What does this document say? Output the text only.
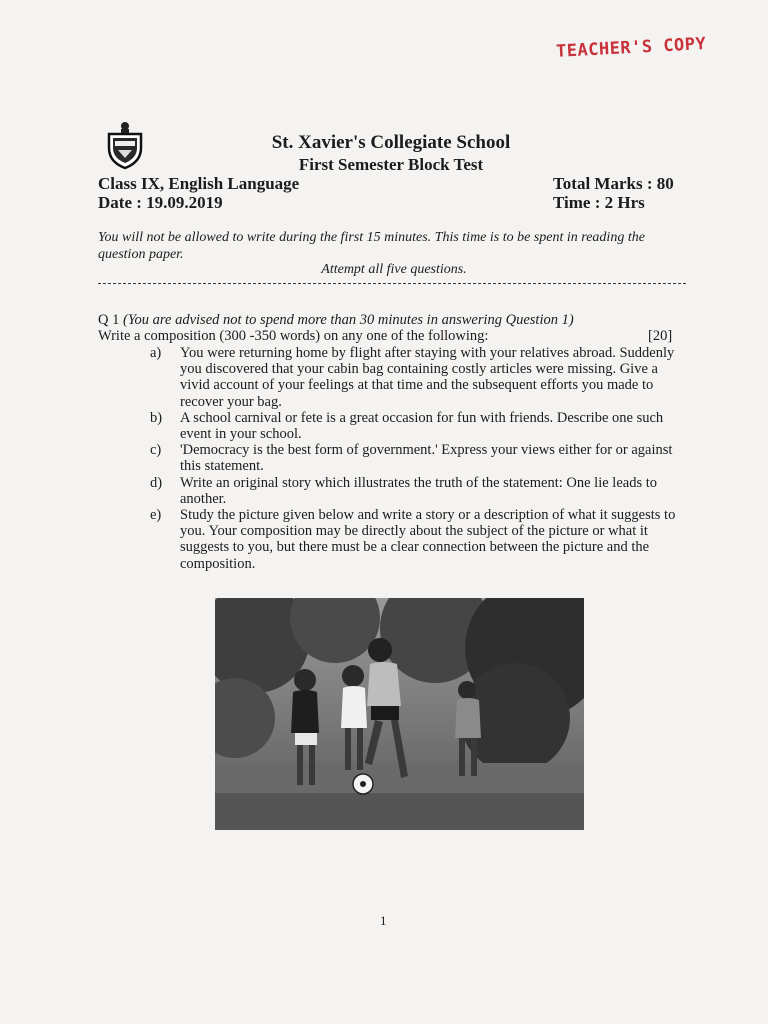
TEACHER'S COPY
St. Xavier's Collegiate School
First Semester Block Test
Class IX, English Language
Date : 19.09.2019
Total Marks : 80
Time : 2 Hrs
You will not be allowed to write during the first 15 minutes. This time is to be spent in reading the question paper.
Attempt all five questions.
Q 1 (You are advised not to spend more than 30 minutes in answering Question 1)
Write a composition (300 -350 words) on any one of the following:	[20]
a)	You were returning home by flight after staying with your relatives abroad. Suddenly you discovered that your cabin bag containing costly articles were missing. Give a vivid account of your feelings at that time and the subsequent efforts you made to recover your bag.
b)	A school carnival or fete is a great occasion for fun with friends. Describe one such event in your school.
c)	'Democracy is the best form of government.' Express your views either for or against this statement.
d)	Write an original story which illustrates the truth of the statement: One lie leads to another.
e)	Study the picture given below and write a story or a description of what it suggests to you. Your composition may be directly about the subject of the picture or what it suggests to you, but there must be a clear connection between the picture and the composition.
1
